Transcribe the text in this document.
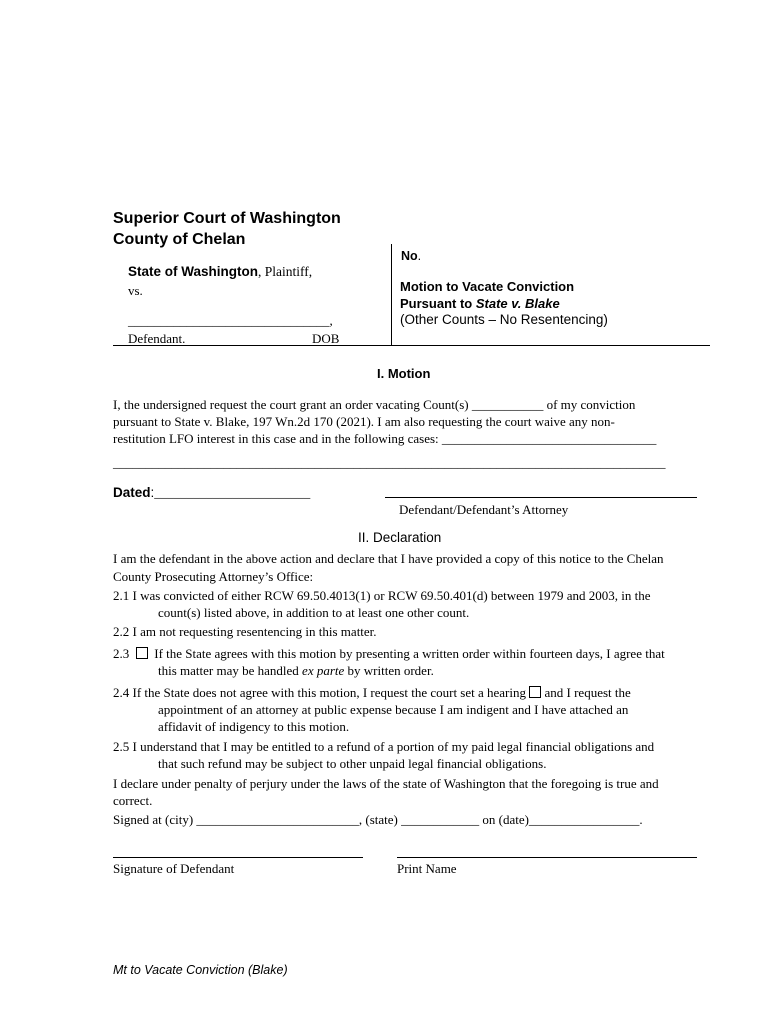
Superior Court of Washington
County of Chelan
No.
State of Washington, Plaintiff,
vs.
_______________________________,
Defendant.	DOB
Motion to Vacate Conviction
Pursuant to State v. Blake
(Other Counts – No Resentencing)
I. Motion
I, the undersigned request the court grant an order vacating Count(s) ___________ of my conviction
pursuant to State v. Blake, 197 Wn.2d 170 (2021). I am also requesting the court waive any non-
restitution LFO interest in this case and in the following cases: _________________________________
_____________________________________________________________________________________
Dated:________________________
Defendant/Defendant’s Attorney
II. Declaration
I am the defendant in the above action and declare that I have provided a copy of this notice to the Chelan
County Prosecuting Attorney’s Office:
2.1 I was convicted of either RCW 69.50.4013(1) or RCW 69.50.401(d) between 1979 and 2003, in the
count(s) listed above, in addition to at least one other count.
2.2 I am not requesting resentencing in this matter.
2.3 If the State agrees with this motion by presenting a written order within fourteen days, I agree that
this matter may be handled ex parte by written order.
2.4 If the State does not agree with this motion, I request the court set a hearing and I request the
appointment of an attorney at public expense because I am indigent and I have attached an
affidavit of indigency to this motion.
2.5 I understand that I may be entitled to a refund of a portion of my paid legal financial obligations and
that such refund may be subject to other unpaid legal financial obligations.
I declare under penalty of perjury under the laws of the state of Washington that the foregoing is true and
correct.
Signed at (city) _________________________, (state) ____________ on (date)_________________.
Signature of Defendant	Print Name
Mt to Vacate Conviction (Blake)
